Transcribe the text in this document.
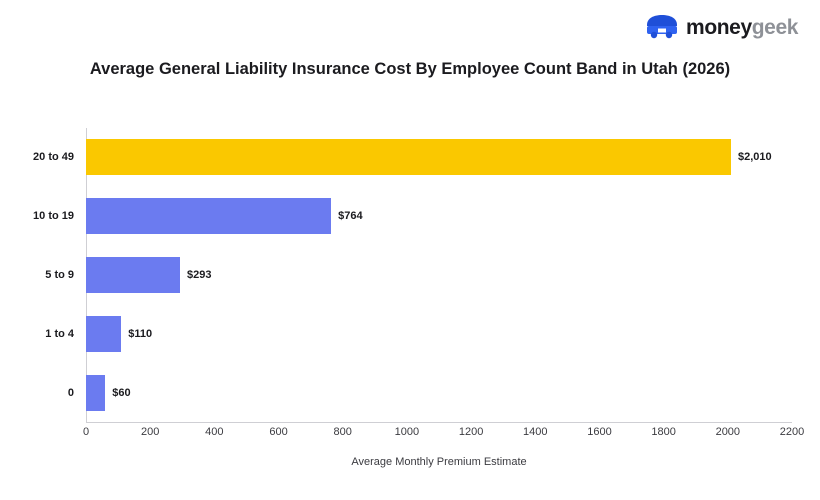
moneygeek
Average General Liability Insurance Cost By Employee Count Band in Utah (2026)
20 to 49	$2,010
10 to 19	$764
5 to 9	$293
1 to 4	$110
0	$60
0	200	400	600	800	1000	1200	1400	1600	1800	2000	2200
Average Monthly Premium Estimate
